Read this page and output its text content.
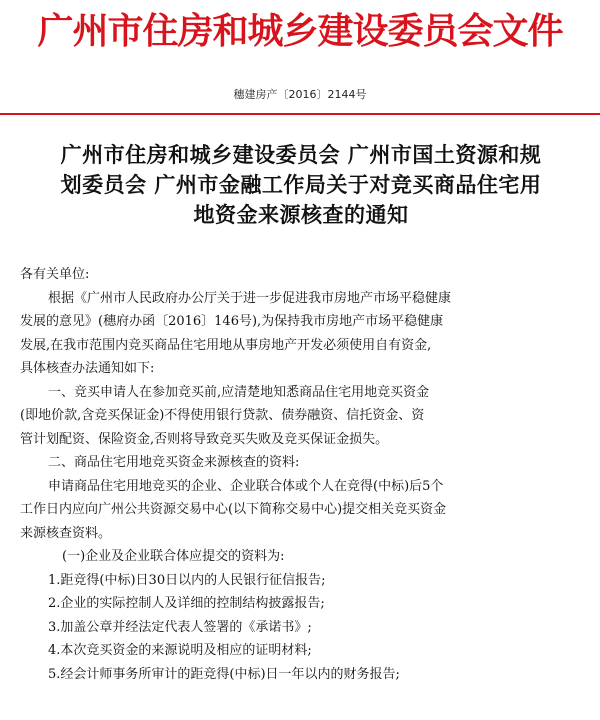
广州市住房和城乡建设委员会文件
穗建房产〔2016〕2144号
广州市住房和城乡建设委员会 广州市国土资源和规
划委员会 广州市金融工作局关于对竞买商品住宅用
地资金来源核查的通知

各有关单位:

根据《广州市人民政府办公厅关于进一步促进我市房地产市场平稳健康

发展的意见》(穗府办函〔2016〕146号),为保持我市房地产市场平稳健康

发展,在我市范围内竞买商品住宅用地从事房地产开发必须使用自有资金,

具体核查办法通知如下:

一、竞买申请人在参加竞买前,应清楚地知悉商品住宅用地竞买资金

(即地价款,含竞买保证金)不得使用银行贷款、债券融资、信托资金、资

管计划配资、保险资金,否则将导致竞买失败及竞买保证金损失。

二、商品住宅用地竞买资金来源核查的资料:

申请商品住宅用地竞买的企业、企业联合体或个人在竞得(中标)后5个

工作日内应向广州公共资源交易中心(以下简称交易中心)提交相关竞买资金

来源核查资料。

(一)企业及企业联合体应提交的资料为:

1.距竞得(中标)日30日以内的人民银行征信报告;

2.企业的实际控制人及详细的控制结构披露报告;

3.加盖公章并经法定代表人签署的《承诺书》;

4.本次竞买资金的来源说明及相应的证明材料;

5.经会计师事务所审计的距竞得(中标)日一年以内的财务报告;
